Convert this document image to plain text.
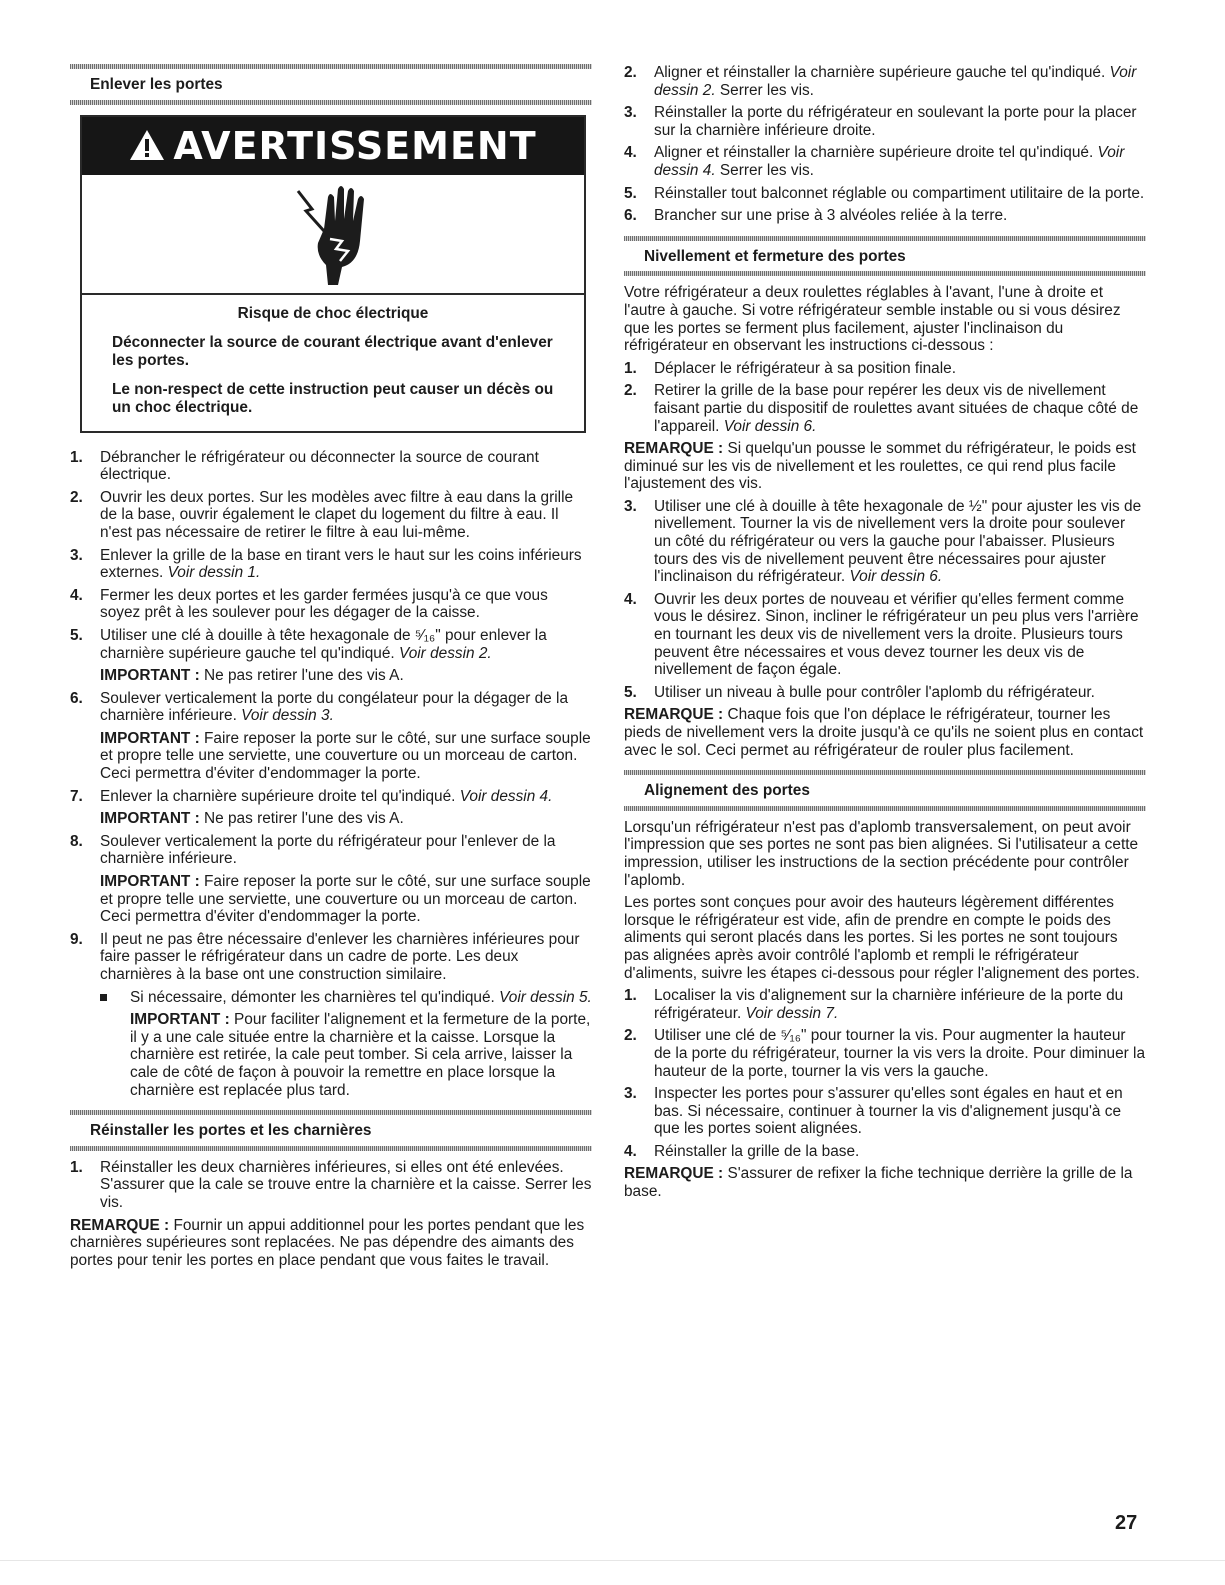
Enlever les portes
AVERTISSEMENT
Risque de choc électrique

Déconnecter la source de courant électrique avant d'enlever les portes.

Le non-respect de cette instruction peut causer un décès ou un choc électrique.

1. Débrancher le réfrigérateur ou déconnecter la source de courant électrique.
2. Ouvrir les deux portes. Sur les modèles avec filtre à eau dans la grille de la base, ouvrir également le clapet du logement du filtre à eau. Il n'est pas nécessaire de retirer le filtre à eau lui-même.
3. Enlever la grille de la base en tirant vers le haut sur les coins inférieurs externes. Voir dessin 1.
4. Fermer les deux portes et les garder fermées jusqu'à ce que vous soyez prêt à les soulever pour les dégager de la caisse.
5. Utiliser une clé à douille à tête hexagonale de ⁵⁄₁₆" pour enlever la charnière supérieure gauche tel qu'indiqué. Voir dessin 2.

IMPORTANT : Ne pas retirer l'une des vis A.

6. Soulever verticalement la porte du congélateur pour la dégager de la charnière inférieure. Voir dessin 3.

IMPORTANT : Faire reposer la porte sur le côté, sur une surface souple et propre telle une serviette, une couverture ou un morceau de carton. Ceci permettra d'éviter d'endommager la porte.

7. Enlever la charnière supérieure droite tel qu'indiqué. Voir dessin 4.

IMPORTANT : Ne pas retirer l'une des vis A.

8. Soulever verticalement la porte du réfrigérateur pour l'enlever de la charnière inférieure.

IMPORTANT : Faire reposer la porte sur le côté, sur une surface souple et propre telle une serviette, une couverture ou un morceau de carton. Ceci permettra d'éviter d'endommager la porte.

9. Il peut ne pas être nécessaire d'enlever les charnières inférieures pour faire passer le réfrigérateur dans un cadre de porte. Les deux charnières à la base ont une construction similaire.
Si nécessaire, démonter les charnières tel qu'indiqué. Voir dessin 5.

IMPORTANT : Pour faciliter l'alignement et la fermeture de la porte, il y a une cale située entre la charnière et la caisse. Lorsque la charnière est retirée, la cale peut tomber. Si cela arrive, laisser la cale de côté de façon à pouvoir la remettre en place lorsque la charnière est replacée plus tard.

Réinstaller les portes et les charnières
1. Réinstaller les deux charnières inférieures, si elles ont été enlevées. S'assurer que la cale se trouve entre la charnière et la caisse. Serrer les vis.

REMARQUE : Fournir un appui additionnel pour les portes pendant que les charnières supérieures sont replacées. Ne pas dépendre des aimants des portes pour tenir les portes en place pendant que vous faites le travail.

2. Aligner et réinstaller la charnière supérieure gauche tel qu'indiqué. Voir dessin 2. Serrer les vis.
3. Réinstaller la porte du réfrigérateur en soulevant la porte pour la placer sur la charnière inférieure droite.
4. Aligner et réinstaller la charnière supérieure droite tel qu'indiqué. Voir dessin 4. Serrer les vis.
5. Réinstaller tout balconnet réglable ou compartiment utilitaire de la porte.
6. Brancher sur une prise à 3 alvéoles reliée à la terre.
Nivellement et fermeture des portes

Votre réfrigérateur a deux roulettes réglables à l'avant, l'une à droite et l'autre à gauche. Si votre réfrigérateur semble instable ou si vous désirez que les portes se ferment plus facilement, ajuster l'inclinaison du réfrigérateur en observant les instructions ci-dessous :

1. Déplacer le réfrigérateur à sa position finale.
2. Retirer la grille de la base pour repérer les deux vis de nivellement faisant partie du dispositif de roulettes avant situées de chaque côté de l'appareil. Voir dessin 6.

REMARQUE : Si quelqu'un pousse le sommet du réfrigérateur, le poids est diminué sur les vis de nivellement et les roulettes, ce qui rend plus facile l'ajustement des vis.

3. Utiliser une clé à douille à tête hexagonale de ½" pour ajuster les vis de nivellement. Tourner la vis de nivellement vers la droite pour soulever un côté du réfrigérateur ou vers la gauche pour l'abaisser. Plusieurs tours des vis de nivellement peuvent être nécessaires pour ajuster l'inclinaison du réfrigérateur. Voir dessin 6.
4. Ouvrir les deux portes de nouveau et vérifier qu'elles ferment comme vous le désirez. Sinon, incliner le réfrigérateur un peu plus vers l'arrière en tournant les deux vis de nivellement vers la droite. Plusieurs tours peuvent être nécessaires et vous devez tourner les deux vis de nivellement de façon égale.
5. Utiliser un niveau à bulle pour contrôler l'aplomb du réfrigérateur.

REMARQUE : Chaque fois que l'on déplace le réfrigérateur, tourner les pieds de nivellement vers la droite jusqu'à ce qu'ils ne soient plus en contact avec le sol. Ceci permet au réfrigérateur de rouler plus facilement.

Alignement des portes

Lorsqu'un réfrigérateur n'est pas d'aplomb transversalement, on peut avoir l'impression que ses portes ne sont pas bien alignées. Si l'utilisateur a cette impression, utiliser les instructions de la section précédente pour contrôler l'aplomb.

Les portes sont conçues pour avoir des hauteurs légèrement différentes lorsque le réfrigérateur est vide, afin de prendre en compte le poids des aliments qui seront placés dans les portes. Si les portes ne sont toujours pas alignées après avoir contrôlé l'aplomb et rempli le réfrigérateur d'aliments, suivre les étapes ci-dessous pour régler l'alignement des portes.

1. Localiser la vis d'alignement sur la charnière inférieure de la porte du réfrigérateur. Voir dessin 7.
2. Utiliser une clé de ⁵⁄₁₆" pour tourner la vis. Pour augmenter la hauteur de la porte du réfrigérateur, tourner la vis vers la droite. Pour diminuer la hauteur de la porte, tourner la vis vers la gauche.
3. Inspecter les portes pour s'assurer qu'elles sont égales en haut et en bas. Si nécessaire, continuer à tourner la vis d'alignement jusqu'à ce que les portes soient alignées.
4. Réinstaller la grille de la base.

REMARQUE : S'assurer de refixer la fiche technique derrière la grille de la base.

27
